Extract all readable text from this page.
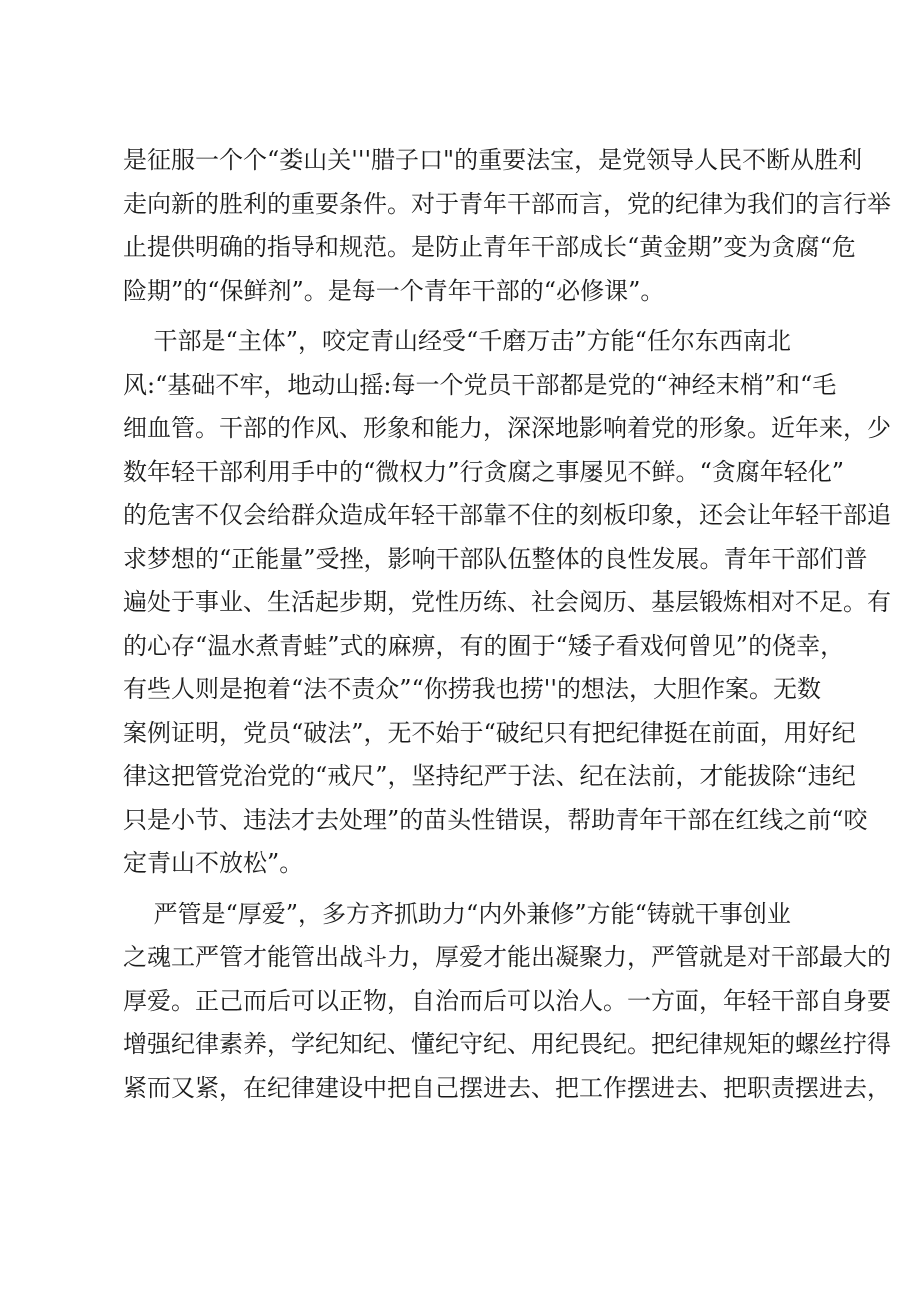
是征服一个个“娄山关'''腊子口"的重要法宝，是党领导人民不断从胜利
走向新的胜利的重要条件。对于青年干部而言，党的纪律为我们的言行举
止提供明确的指导和规范。是防止青年干部成长“黄金期”变为贪腐“危
险期”的“保鲜剂”。是每一个青年干部的“必修课”。
干部是“主体”，咬定青山经受“千磨万击”方能“任尔东西南北
风:“基础不牢，地动山摇:每一个党员干部都是党的“神经末梢”和“毛
细血管。干部的作风、形象和能力，深深地影响着党的形象。近年来，少
数年轻干部利用手中的“微权力”行贪腐之事屡见不鲜。“贪腐年轻化”
的危害不仅会给群众造成年轻干部靠不住的刻板印象，还会让年轻干部追
求梦想的“正能量”受挫，影响干部队伍整体的良性发展。青年干部们普
遍处于事业、生活起步期，党性历练、社会阅历、基层锻炼相对不足。有
的心存“温水煮青蛙”式的麻痹，有的囿于“矮子看戏何曾见”的侥幸，
有些人则是抱着“法不责众”“你捞我也捞''的想法，大胆作案。无数
案例证明，党员“破法”，无不始于“破纪只有把纪律挺在前面，用好纪
律这把管党治党的“戒尺”，坚持纪严于法、纪在法前，才能拔除“违纪
只是小节、违法才去处理”的苗头性错误，帮助青年干部在红线之前“咬
定青山不放松”。
严管是“厚爱”，多方齐抓助力“内外兼修”方能“铸就干事创业
之魂工严管才能管出战斗力，厚爱才能出凝聚力，严管就是对干部最大的
厚爱。正己而后可以正物，自治而后可以治人。一方面，年轻干部自身要
增强纪律素养，学纪知纪、懂纪守纪、用纪畏纪。把纪律规矩的螺丝拧得
紧而又紧，在纪律建设中把自己摆进去、把工作摆进去、把职责摆进去，
